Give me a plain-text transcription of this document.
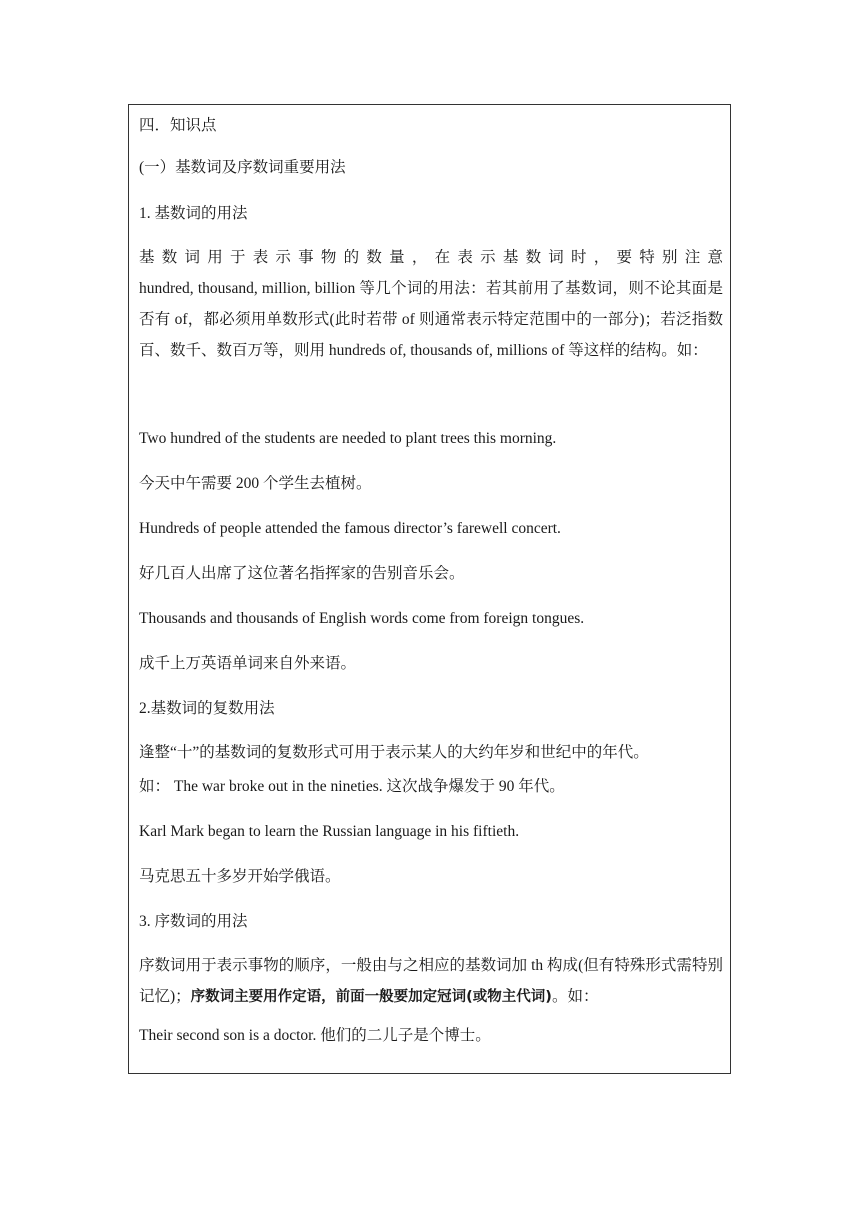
四．知识点
(一）基数词及序数词重要用法
1. 基数词的用法
基 数 词 用 于 表 示 事 物 的 数 量 ， 在 表 示 基 数 词 时 ， 要 特 别 注 意
hundred, thousand, million, billion 等几个词的用法：若其前用了基数词，则不论其面是否有 of，都必须用单数形式(此时若带 of 则通常表示特定范围中的一部分)；若泛指数百、数千、数百万等，则用 hundreds of, thousands of, millions of 等这样的结构。如：
Two hundred of the students are needed to plant trees this morning.
今天中午需要 200 个学生去植树。
Hundreds of people attended the famous director’s farewell concert.
好几百人出席了这位著名指挥家的告别音乐会。
Thousands and thousands of English words come from foreign tongues.
成千上万英语单词来自外来语。
2.基数词的复数用法
逢整“十”的基数词的复数形式可用于表示某人的大约年岁和世纪中的年代。
如： The war broke out in the nineties. 这次战争爆发于 90 年代。
Karl Mark began to learn the Russian language in his fiftieth.
马克思五十多岁开始学俄语。
3. 序数词的用法
序数词用于表示事物的顺序，一般由与之相应的基数词加 th 构成(但有特殊形式需特别记忆)；序数词主要用作定语，前面一般要加定冠词(或物主代词)。如：
Their second son is a doctor. 他们的二儿子是个博士。
